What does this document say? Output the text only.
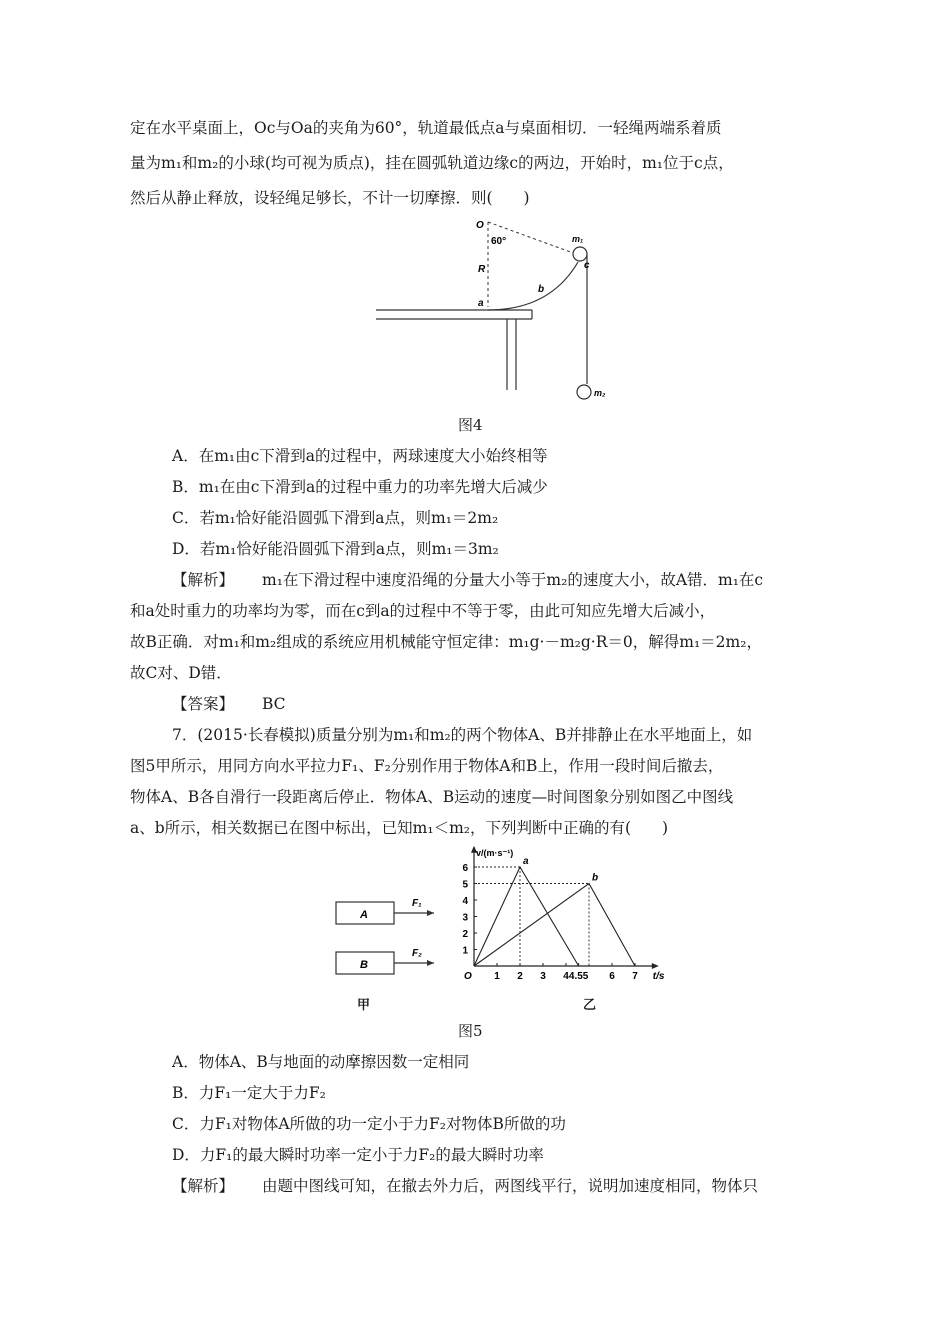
定在水平桌面上，Oc与Oa的夹角为60°，轨道最低点a与桌面相切．一轻绳两端系着质
量为m₁和m₂的小球(均可视为质点)，挂在圆弧轨道边缘c的两边，开始时，m₁位于c点，
然后从静止释放，设轻绳足够长，不计一切摩擦．则(　　)
O
60°
R
a
b
c
m₁
m₂
图4
A．在m₁由c下滑到a的过程中，两球速度大小始终相等
B．m₁在由c下滑到a的过程中重力的功率先增大后减少
C．若m₁恰好能沿圆弧下滑到a点，则m₁＝2m₂
D．若m₁恰好能沿圆弧下滑到a点，则m₁＝3m₂
【解析】 m₁在下滑过程中速度沿绳的分量大小等于m₂的速度大小，故A错．m₁在c
和a处时重力的功率均为零，而在c到a的过程中不等于零，由此可知应先增大后减小，
故B正确．对m₁和m₂组成的系统应用机械能守恒定律：m₁g·－m₂g·R＝0，解得m₁＝2m₂，
故C对、D错．
【答案】 BC
7．(2015·长春模拟)质量分别为m₁和m₂的两个物体A、B并排静止在水平地面上，如
图5甲所示，用同方向水平拉力F₁、F₂分别作用于物体A和B上，作用一段时间后撤去，
物体A、B各自滑行一段距离后停止．物体A、B运动的速度—时间图象分别如图乙中图线
a、b所示，相关数据已在图中标出，已知m₁＜m₂，下列判断中正确的有(　　)
A
B
F₁
F₂
甲
1 2 3 4 4.55 6 7
1
2
3
4
5
6
O	t/s
v/(m·s⁻¹)
a
b
乙
图5
A．物体A、B与地面的动摩擦因数一定相同
B．力F₁一定大于力F₂
C．力F₁对物体A所做的功一定小于力F₂对物体B所做的功
D．力F₁的最大瞬时功率一定小于力F₂的最大瞬时功率
【解析】 由题中图线可知，在撤去外力后，两图线平行，说明加速度相同，物体只
